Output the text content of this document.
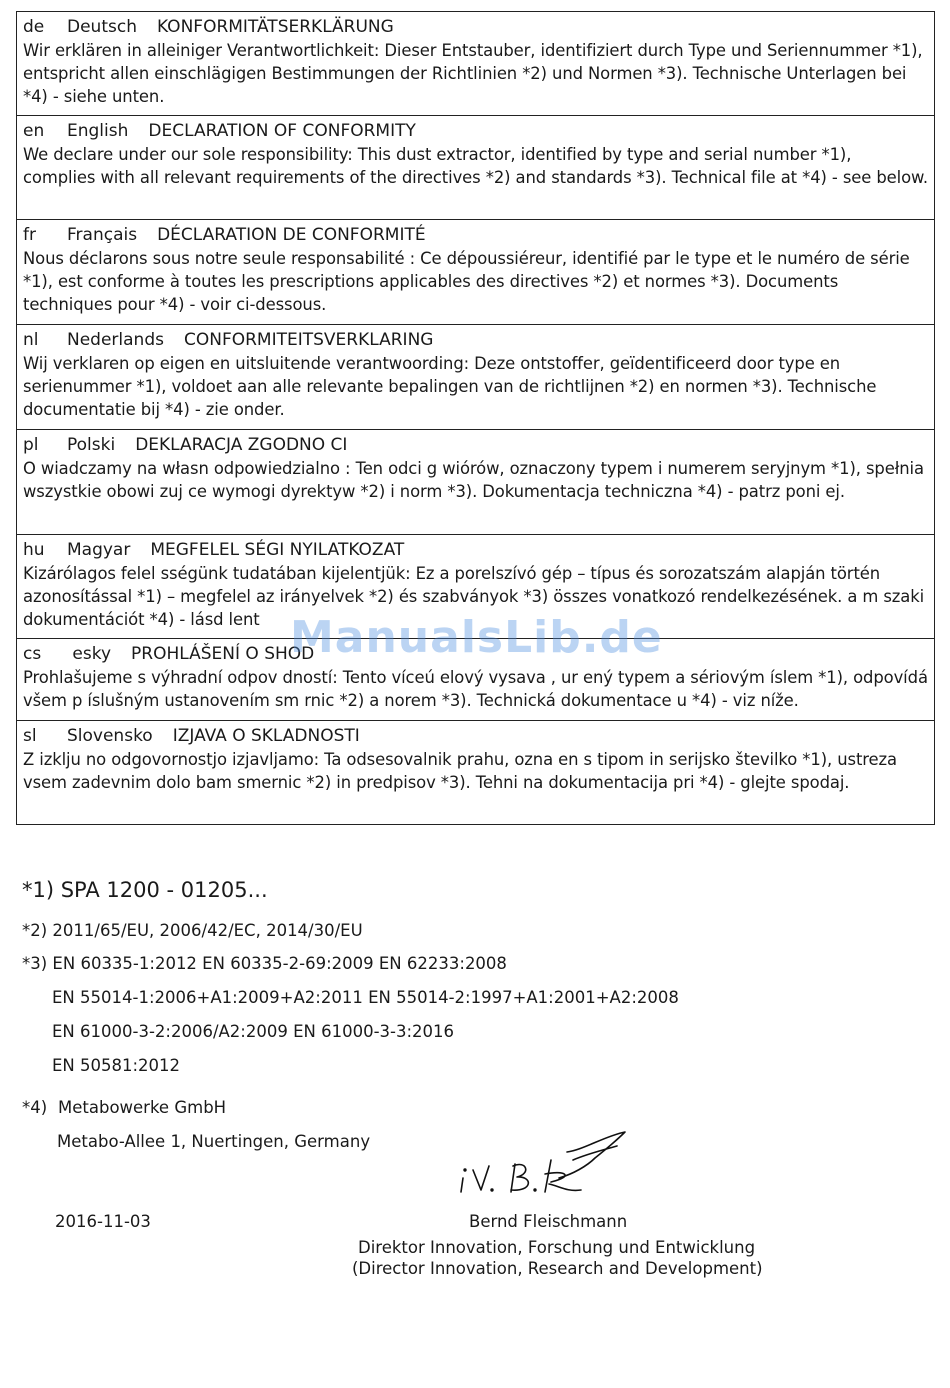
de Deutsch KONFORMITÄTSERKLÄRUNG
Wir erklären in alleiniger Verantwortlichkeit: Dieser Entstauber, identifiziert durch Type und Seriennummer *1), entspricht allen einschlägigen Bestimmungen der Richtlinien *2) und Normen *3). Technische Unterlagen bei *4) - siehe unten.
en English DECLARATION OF CONFORMITY
We declare under our sole responsibility: This dust extractor, identified by type and serial number *1), complies with all relevant requirements of the directives *2) and standards *3). Technical file at *4) - see below.
fr Français DÉCLARATION DE CONFORMITÉ
Nous déclarons sous notre seule responsabilité : Ce dépoussiéreur, identifié par le type et le numéro de série *1), est conforme à toutes les prescriptions applicables des directives *2) et normes *3). Documents techniques pour *4) - voir ci-dessous.
nl Nederlands CONFORMITEITSVERKLARING
Wij verklaren op eigen en uitsluitende verantwoording: Deze ontstoffer, geïdentificeerd door type en serienummer *1), voldoet aan alle relevante bepalingen van de richtlijnen *2) en normen *3). Technische documentatie bij *4) - zie onder.
pl Polski DEKLARACJA ZGODNO CI
O wiadczamy na własn odpowiedzialno : Ten odci g wiórów, oznaczony typem i numerem seryjnym *1), spełnia wszystkie obowi zuj ce wymogi dyrektyw *2) i norm *3). Dokumentacja techniczna *4) - patrz poni ej.
hu Magyar MEGFELEL SÉGI NYILATKOZAT
Kizárólagos felel sségünk tudatában kijelentjük: Ez a porelszívó gép – típus és sorozatszám alapján történ azonosítással *1) – megfelel az irányelvek *2) és szabványok *3) összes vonatkozó rendelkezésének. a m szaki dokumentációt *4) - lásd lent
cs esky PROHLÁŠENÍ O SHOD
Prohlašujeme s výhradní odpov dností: Tento víceú elový vysava , ur ený typem a sériovým íslem *1), odpovídá všem p íslušným ustanovením sm rnic *2) a norem *3). Technická dokumentace u *4) - viz níže.
sl Slovensko IZJAVA O SKLADNOSTI
Z izklju no odgovornostjo izjavljamo: Ta odsesovalnik prahu, ozna en s tipom in serijsko številko *1), ustreza vsem zadevnim dolo bam smernic *2) in predpisov *3). Tehni na dokumentacija pri *4) - glejte spodaj.
ManualsLib.de
*1) SPA 1200 - 01205...
*2) 2011/65/EU, 2006/42/EC, 2014/30/EU
*3) EN 60335-1:2012 EN 60335-2-69:2009 EN 62233:2008
EN 55014-1:2006+A1:2009+A2:2011 EN 55014-2:1997+A1:2001+A2:2008
EN 61000-3-2:2006/A2:2009 EN 61000-3-3:2016
EN 50581:2012
*4) Metabowerke GmbH
Metabo-Allee 1, Nuertingen, Germany
2016-11-03	Bernd Fleischmann
Direktor Innovation, Forschung und Entwicklung
(Director Innovation, Research and Development)
